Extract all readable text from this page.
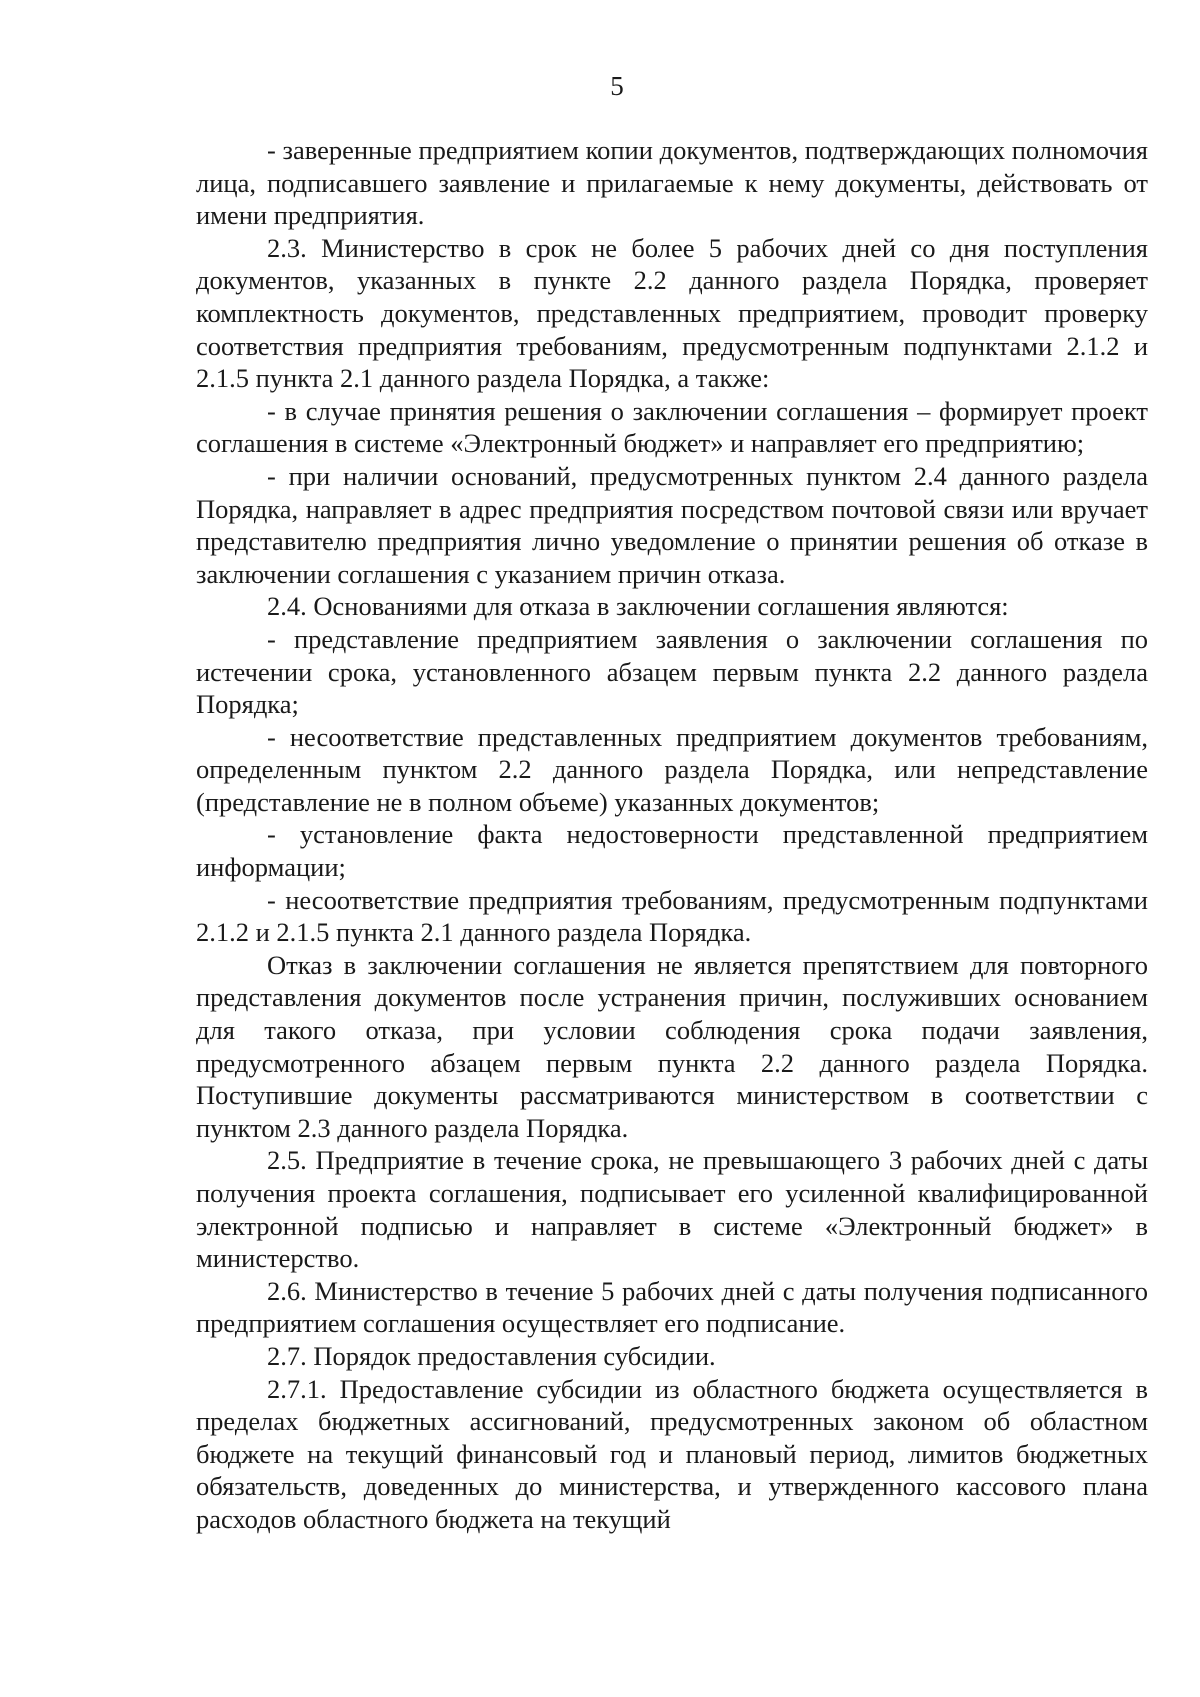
5

- заверенные предприятием копии документов, подтверждающих полномочия лица, подписавшего заявление и прилагаемые к нему документы, действовать от имени предприятия.

2.3. Министерство в срок не более 5 рабочих дней со дня поступления документов, указанных в пункте 2.2 данного раздела Порядка, проверяет комплектность документов, представленных предприятием, проводит проверку соответствия предприятия требованиям, предусмотренным подпунктами 2.1.2 и 2.1.5 пункта 2.1 данного раздела Порядка, а также:

- в случае принятия решения о заключении соглашения – формирует проект соглашения в системе «Электронный бюджет» и направляет его предприятию;

- при наличии оснований, предусмотренных пунктом 2.4 данного раздела Порядка, направляет в адрес предприятия посредством почтовой связи или вручает представителю предприятия лично уведомление о принятии решения об отказе в заключении соглашения с указанием причин отказа.

2.4. Основаниями для отказа в заключении соглашения являются:

- представление предприятием заявления о заключении соглашения по истечении срока, установленного абзацем первым пункта 2.2 данного раздела Порядка;

- несоответствие представленных предприятием документов требованиям, определенным пунктом 2.2 данного раздела Порядка, или непредставление (представление не в полном объеме) указанных документов;

- установление факта недостоверности представленной предприятием информации;

- несоответствие предприятия требованиям, предусмотренным подпунктами 2.1.2 и 2.1.5 пункта 2.1 данного раздела Порядка.

Отказ в заключении соглашения не является препятствием для повторного представления документов после устранения причин, послуживших основанием для такого отказа, при условии соблюдения срока подачи заявления, предусмотренного абзацем первым пункта 2.2 данного раздела Порядка. Поступившие документы рассматриваются министерством в соответствии с пунктом 2.3 данного раздела Порядка.

2.5. Предприятие в течение срока, не превышающего 3 рабочих дней с даты получения проекта соглашения, подписывает его усиленной квалифицированной электронной подписью и направляет в системе «Электронный бюджет» в министерство.

2.6. Министерство в течение 5 рабочих дней с даты получения подписанного предприятием соглашения осуществляет его подписание.

2.7. Порядок предоставления субсидии.

2.7.1. Предоставление субсидии из областного бюджета осуществляется в пределах бюджетных ассигнований, предусмотренных законом об областном бюджете на текущий финансовый год и плановый период, лимитов бюджетных обязательств, доведенных до министерства, и утвержденного кассового плана расходов областного бюджета на текущий
